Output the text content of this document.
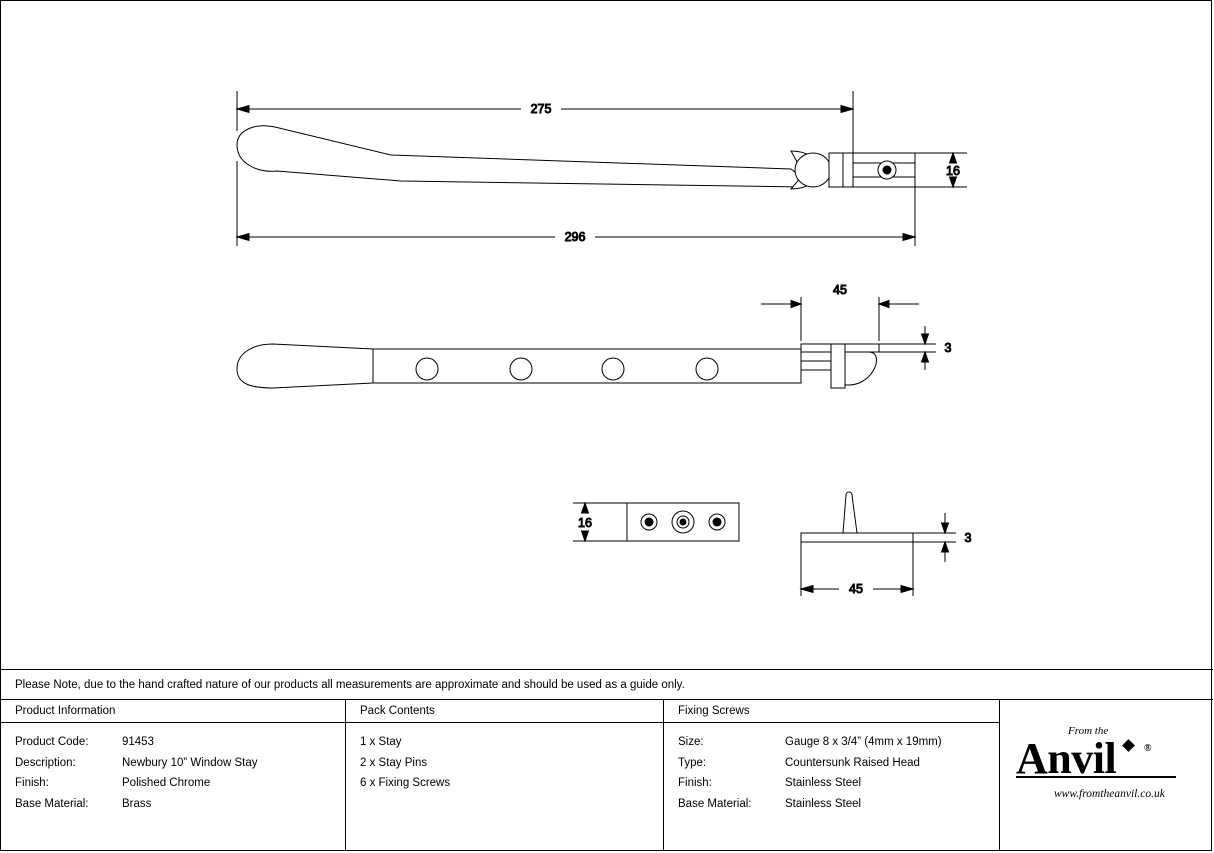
275
296
16
45
3
16
3
45
Please Note, due to the hand crafted nature of our products all measurements are approximate and should be used as a guide only.
Product Information
Product Code:	91453
Description:	Newbury 10” Window Stay
Finish:	Polished Chrome
Base Material:	Brass
Pack Contents
1 x Stay
2 x Stay Pins
6 x Fixing Screws
Fixing Screws
Size:	Gauge 8 x 3/4” (4mm x 19mm)
Type:	Countersunk Raised Head
Finish:	Stainless Steel
Base Material:	Stainless Steel
From the
Anvil	®
www.fromtheanvil.co.uk
